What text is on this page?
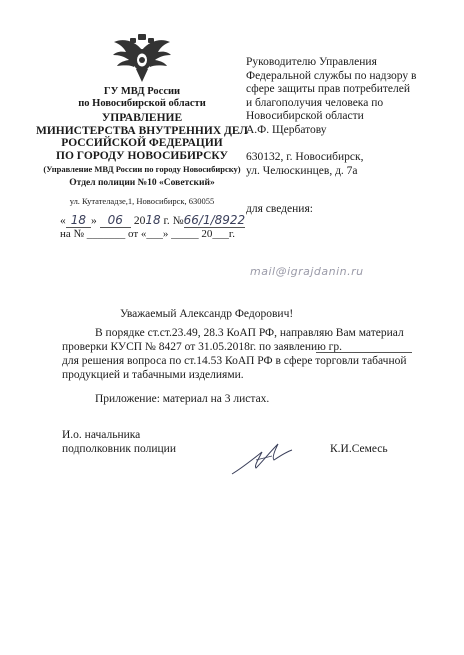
ГУ МВД России
по Новосибирской области
УПРАВЛЕНИЕ
МИНИСТЕРСТВА ВНУТРЕННИХ ДЕЛ
РОССИЙСКОЙ ФЕДЕРАЦИИ
ПО ГОРОДУ НОВОСИБИРСКУ
(Управление МВД России по городу Новосибирску)
Отдел полиции №10 «Советский»
ул. Кутателадзе,1, Новосибирск, 630055
« 18 » 06 2018 г. №66/1/8922
на № _______ от «___» _____ 20___г.
Руководителю Управления
Федеральной службы по надзору в
сфере защиты прав потребителей
и благополучия человека по
Новосибирской области
А.Ф. Щербатову
630132, г. Новосибирск,
ул. Челюскинцев, д. 7а
для сведения:
mail@igrajdanin.ru
Уважаемый Александр Федорович!
В порядке ст.ст.23.49, 28.3 КоАП РФ, направляю Вам материал
проверки КУСП № 8427 от 31.05.2018г. по заявлению гр.
для решения вопроса по ст.14.53 КоАП РФ в сфере торговли табачной
продукцией и табачными изделиями.
Приложение: материал на 3 листах.
И.о. начальника
подполковник полиции	К.И.Семесь
